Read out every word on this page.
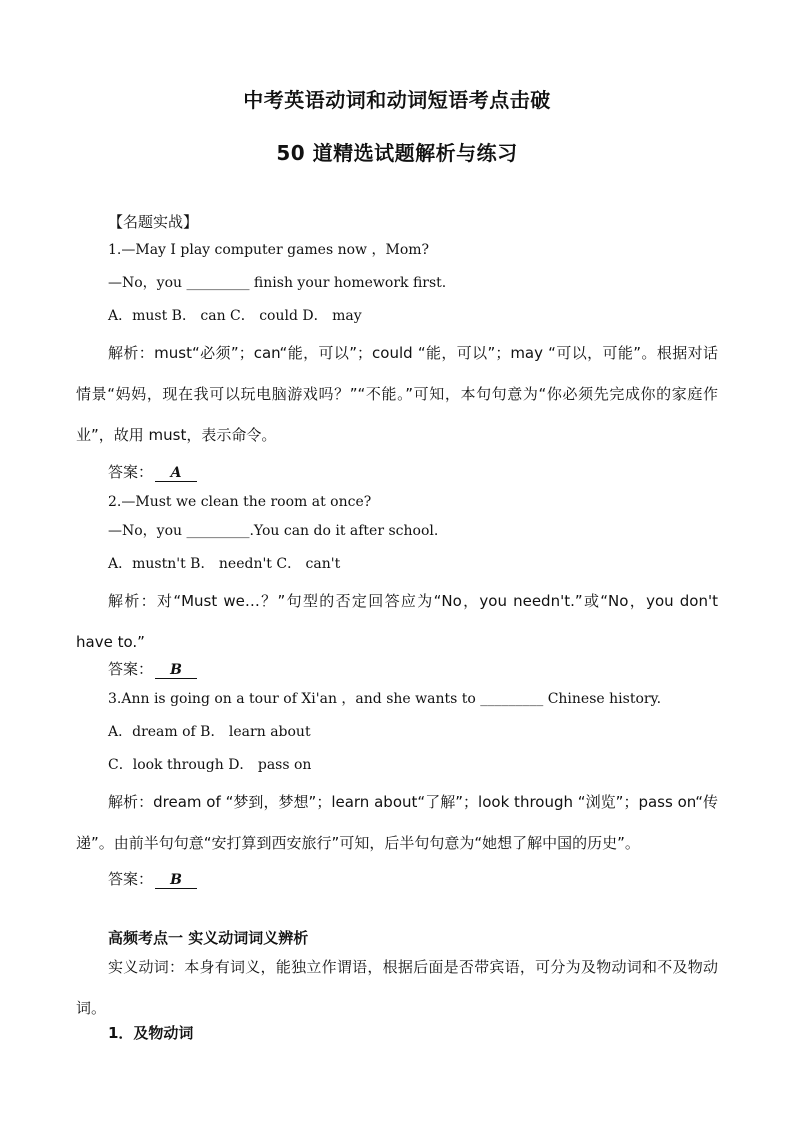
中考英语动词和动词短语考点击破
50 道精选试题解析与练习
【名题实战】
1.—May I play computer games now ，Mom?
—No，you _________ finish your homework first.
A．must B． can C． could D． may
解析：must“必须”；can“能，可以”；could “能，可以”；may “可以，可能”。根据对话情景“妈妈，现在我可以玩电脑游戏吗？”“不能。”可知，本句句意为“你必须先完成你的家庭作业”，故用 must，表示命令。
答案： A
2.—Must we clean the room at once?
—No，you _________.You can do it after school.
A．mustn't B． needn't C． can't
解析：对“Must we…？”句型的否定回答应为“No，you needn't.”或“No，you don't have to.”
答案： B
3.Ann is going on a tour of Xi'an ，and she wants to _________ Chinese history.
A．dream of B． learn about
C．look through D． pass on
解析：dream of “梦到，梦想”；learn about“了解”；look through “浏览”；pass on“传递”。由前半句句意“安打算到西安旅行”可知，后半句句意为“她想了解中国的历史”。
答案： B
高频考点一 实义动词词义辨析
实义动词：本身有词义，能独立作谓语，根据后面是否带宾语，可分为及物动词和不及物动词。
1．及物动词
